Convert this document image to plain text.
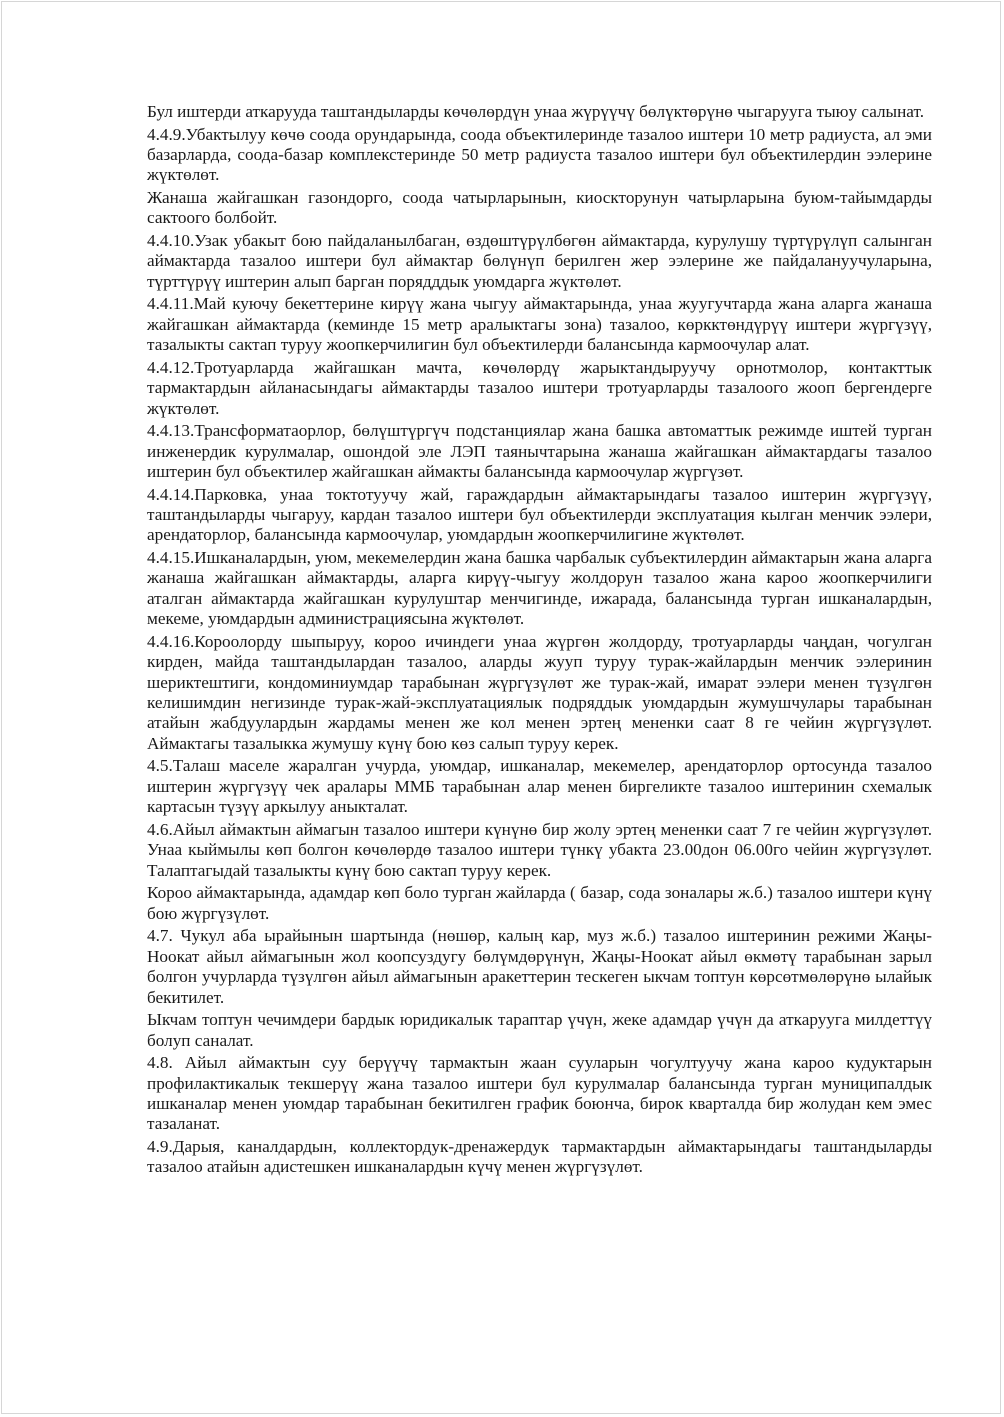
Бул иштерди аткарууда таштандыларды көчөлөрдүн унаа жүрүүчү бөлүктөрүнө чыгарууга тыюу салынат.

4.4.9.Убактылуу көчө соода орундарында, соода объектилеринде тазалоо иштери 10 метр радиуста, ал эми базарларда, соода-базар комплекстеринде 50 метр радиуста тазалоо иштери бул объектилердин ээлерине жүктөлөт.

Жанаша жайгашкан газондорго, соода чатырларынын, киоскторунун чатырларына буюм-тайымдарды сактоого болбойт.

4.4.10.Узак убакыт бою пайдаланылбаган, өздөштүрүлбөгөн аймактарда, курулушу түртүрүлүп салынган аймактарда тазалоо иштери бул аймактар бөлүнүп берилген жер ээлерине же пайдалануучуларына, түрттүрүү иштерин алып барган порядддык уюмдарга жүктөлөт.

4.4.11.Май куючу бекеттерине кирүү жана чыгуу аймактарында, унаа жуугучтарда жана аларга жанаша жайгашкан аймактарда (кеминде 15 метр аралыктагы зона) тазалоо, көркктөндүрүү иштери жүргүзүү, тазалыкты сактап туруу жоопкерчилигин бул объектилерди балансында кармоочулар алат.

4.4.12.Тротуарларда жайгашкан мачта, көчөлөрдү жарыктандыруучу орнотмолор, контакттык тармактардын айланасындагы аймактарды тазалоо иштери тротуарларды тазалоого жооп бергендерге жүктөлөт.

4.4.13.Трансформатаорлор, бөлүштүргүч подстанциялар жана башка автоматтык режимде иштей турган инженердик курулмалар, ошондой эле ЛЭП таянычтарына жанаша жайгашкан аймактардагы тазалоо иштерин бул объектилер жайгашкан аймакты балансында кармоочулар жүргүзөт.

4.4.14.Парковка, унаа токтотуучу жай, гараждардын аймактарындагы тазалоо иштерин жүргүзүү, таштандыларды чыгаруу, кардан тазалоо иштери бул объектилерди эксплуатация кылган менчик ээлери, арендаторлор, балансында кармоочулар, уюмдардын жоопкерчилигине жүктөлөт.

4.4.15.Ишканалардын, уюм, мекемелердин жана башка чарбалык субъектилердин аймактарын жана аларга жанаша жайгашкан аймактарды, аларга кирүү-чыгуу жолдорун тазалоо жана кароо жоопкерчилиги аталган аймактарда жайгашкан курулуштар менчигинде, ижарада, балансында турган ишканалардын, мекеме, уюмдардын администрациясына жүктөлөт.

4.4.16.Короолорду шыпыруу, короо ичиндеги унаа жүргөн жолдорду, тротуарларды чаңдан, чогулган кирден, майда таштандылардан тазалоо, аларды жууп туруу турак-жайлардын менчик ээлеринин шериктештиги, кондоминиумдар тарабынан жүргүзүлөт же турак-жай, имарат ээлери менен түзүлгөн келишимдин негизинде турак-жай-эксплуатациялык подряддык уюмдардын жумушчулары тарабынан атайын жабдуулардын жардамы менен же кол менен эртең мененки саат 8 ге чейин жүргүзүлөт. Аймактагы тазалыкка жумушу күнү бою көз салып туруу керек.

4.5.Талаш маселе жаралган учурда, уюмдар, ишканалар, мекемелер, арендаторлор ортосунда тазалоо иштерин жүргүзүү чек аралары ММБ тарабынан алар менен биргеликте тазалоо иштеринин схемалык картасын түзүү аркылуу аныкталат.

4.6.Айыл аймактын аймагын тазалоо иштери күнүнө бир жолу эртең мененки саат 7 ге чейин жүргүзүлөт. Унаа кыймылы көп болгон көчөлөрдө тазалоо иштери түнкү убакта 23.00дон 06.00го чейин жүргүзүлөт. Талаптагыдай тазалыкты күнү бою сактап туруу керек.

Короо аймактарында, адамдар көп боло турган жайларда ( базар, сода зоналары ж.б.) тазалоо иштери күнү бою жүргүзүлөт.

4.7. Чукул аба ырайынын шартында (нөшөр, калың кар, муз ж.б.) тазалоо иштеринин режими Жаңы-Ноокат айыл аймагынын жол коопсуздугу бөлүмдөрүнүн, Жаңы-Ноокат айыл өкмөтү тарабынан зарыл болгон учурларда түзүлгөн айыл аймагынын аракеттерин тескеген ыкчам топтун көрсөтмөлөрүнө ылайык бекитилет.

Ыкчам топтун чечимдери бардык юридикалык тараптар үчүн, жеке адамдар үчүн да аткарууга милдеттүү болуп саналат.

4.8. Айыл аймактын суу берүүчү тармактын жаан сууларын чогултуучу жана кароо кудуктарын профилактикалык текшерүү жана тазалоо иштери бул курулмалар балансында турган муниципалдык ишканалар менен уюмдар тарабынан бекитилген график боюнча, бирок кварталда бир жолудан кем эмес тазаланат.

4.9.Дарыя, каналдардын, коллектордук-дренажердук тармактардын аймактарындагы таштандыларды тазалоо атайын адистешкен ишканалардын күчү менен жүргүзүлөт.
